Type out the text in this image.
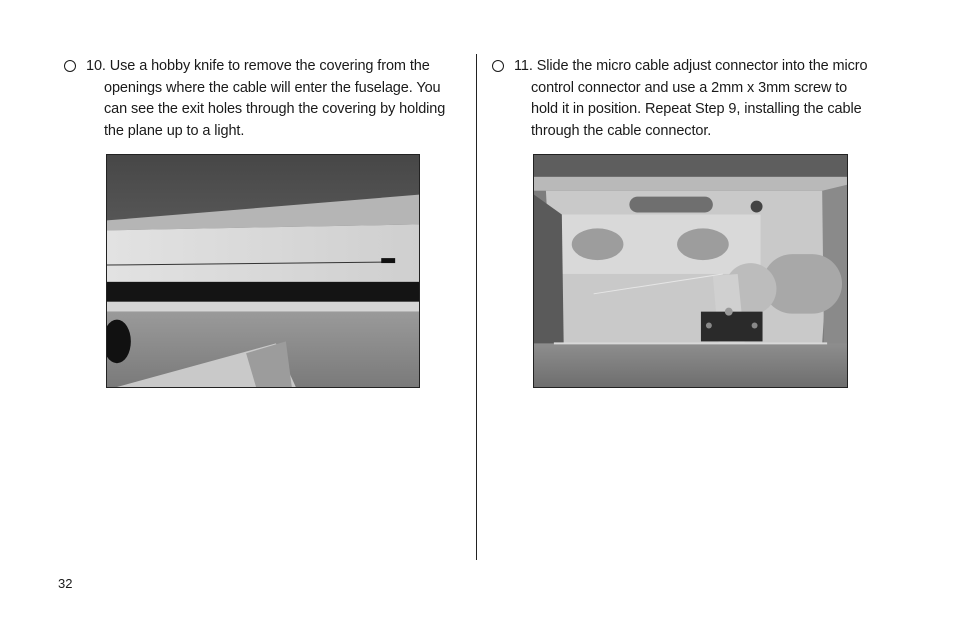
10. Use a hobby knife to remove the covering from the
openings where the cable will enter the fuselage. You
can see the exit holes through the covering by holding
the plane up to a light.
11. Slide the micro cable adjust connector into the micro
control connector and use a 2mm x 3mm screw to
hold it in position. Repeat Step 9, installing the cable
through the cable connector.
32
